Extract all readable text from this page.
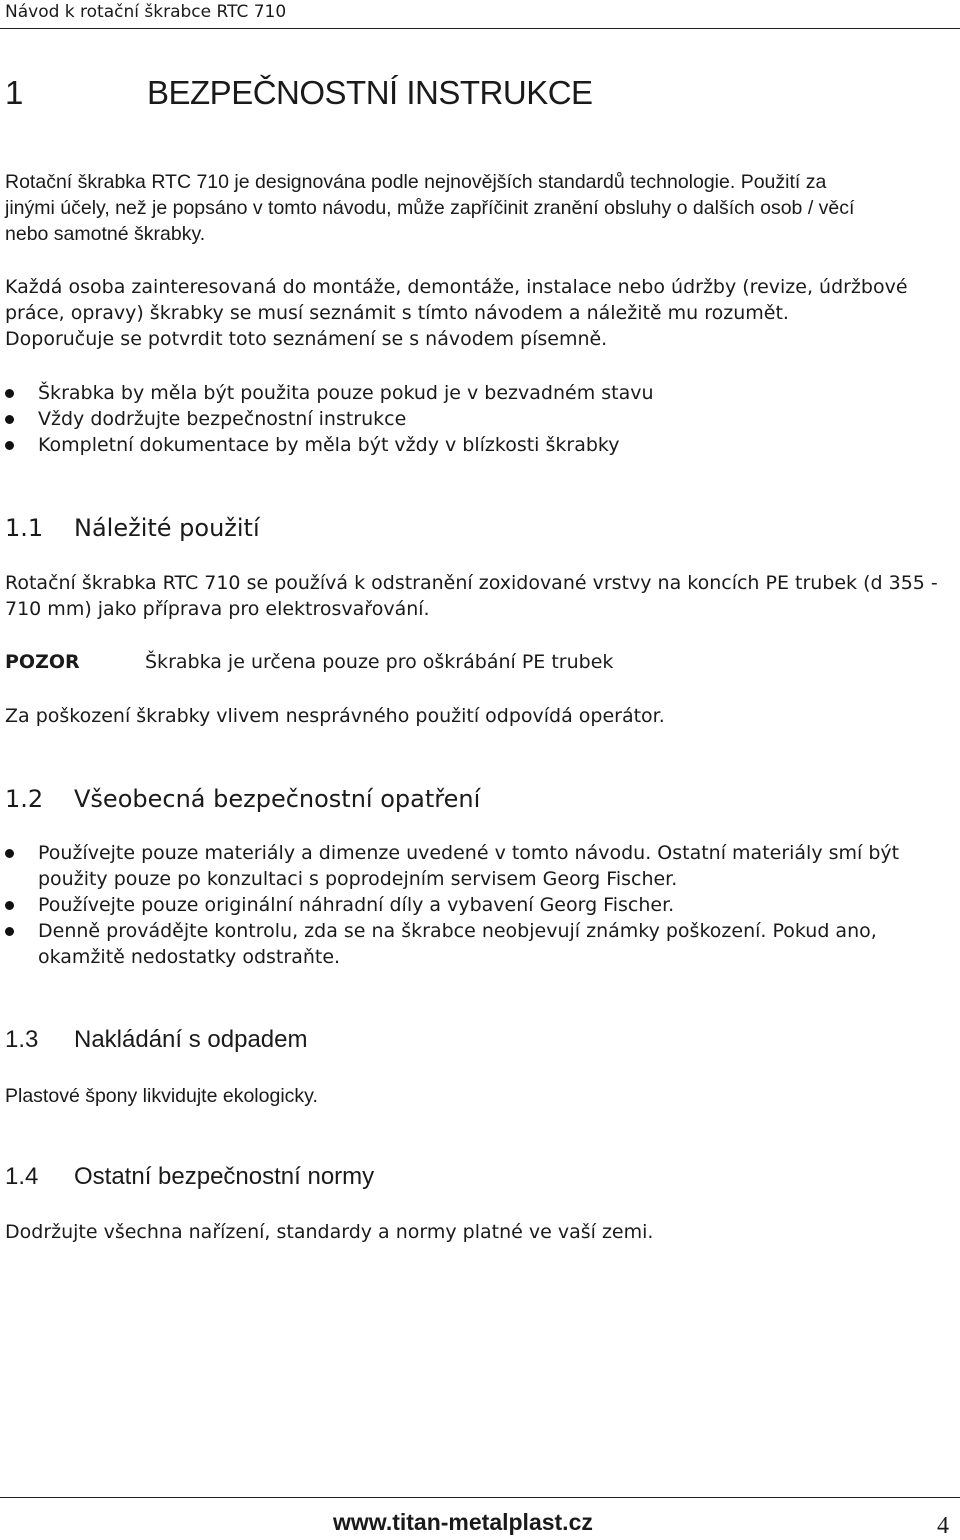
Návod k rotační škrabce RTC 710
1	BEZPEČNOSTNÍ INSTRUKCE
Rotační škrabka RTC 710 je designována podle nejnovějších standardů technologie. Použití za
jinými účely, než je popsáno v tomto návodu, může zapříčinit zranění obsluhy o dalších osob / věcí
nebo samotné škrabky.
Každá osoba zainteresovaná do montáže, demontáže, instalace nebo údržby (revize, údržbové
práce, opravy) škrabky se musí seznámit s tímto návodem a náležitě mu rozumět.
Doporučuje se potvrdit toto seznámení se s návodem písemně.
Škrabka by měla být použita pouze pokud je v bezvadném stavu
Vždy dodržujte bezpečnostní instrukce
Kompletní dokumentace by měla být vždy v blízkosti škrabky
1.1 Náležité použití
Rotační škrabka RTC 710 se používá k odstranění zoxidované vrstvy na koncích PE trubek (d 355 -
710 mm) jako příprava pro elektrosvařování.
POZOR	Škrabka je určena pouze pro oškrábání PE trubek
Za poškození škrabky vlivem nesprávného použití odpovídá operátor.
1.2 Všeobecná bezpečnostní opatření
Používejte pouze materiály a dimenze uvedené v tomto návodu. Ostatní materiály smí být
použity pouze po konzultaci s poprodejním servisem Georg Fischer.
Používejte pouze originální náhradní díly a vybavení Georg Fischer.
Denně provádějte kontrolu, zda se na škrabce neobjevují známky poškození. Pokud ano,
okamžitě nedostatky odstraňte.
1.3 Nakládání s odpadem
Plastové špony likvidujte ekologicky.
1.4 Ostatní bezpečnostní normy
Dodržujte všechna nařízení, standardy a normy platné ve vaší zemi.
www.titan-metalplast.cz	4
